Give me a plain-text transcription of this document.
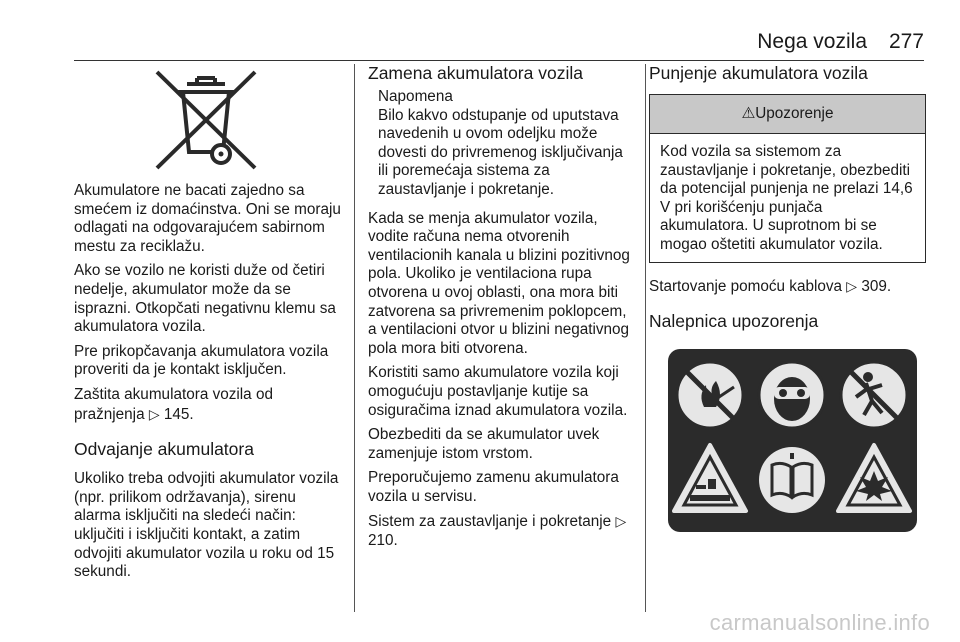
Nega vozila 277

Akumulatore ne bacati zajedno sa smećem iz domaćinstva. Oni se moraju odlagati na odgovarajućem sabirnom mestu za reciklažu.

Ako se vozilo ne koristi duže od četiri nedelje, akumulator može da se isprazni. Otkopčati negativnu klemu sa akumulatora vozila.

Pre prikopčavanja akumulatora vozila proveriti da je kontakt isključen.

Zaštita akumulatora vozila od pražnjenja ▷ 145.

Odvajanje akumulatora

Ukoliko treba odvojiti akumulator vozila (npr. prilikom održavanja), sirenu alarma isključiti na sledeći način: uključiti i isključiti kontakt, a zatim odvojiti akumulator vozila u roku od 15 sekundi.

Zamena akumulatora vozila
Napomena

Bilo kakvo odstupanje od uputstava navedenih u ovom odeljku može dovesti do privremenog isključivanja ili poremećaja sistema za zaustavljanje i pokretanje.

Kada se menja akumulator vozila, vodite računa nema otvorenih ventilacionih kanala u blizini pozitivnog pola. Ukoliko je ventilaciona rupa otvorena u ovoj oblasti, ona mora biti zatvorena sa privremenim poklopcem, a ventilacioni otvor u blizini negativnog pola mora biti otvorena.

Koristiti samo akumulatore vozila koji omogućuju postavljanje kutije sa osiguračima iznad akumulatora vozila.

Obezbediti da se akumulator uvek zamenjuje istom vrstom.

Preporučujemo zamenu akumulatora vozila u servisu.

Sistem za zaustavljanje i pokretanje ▷ 210.

Punjenje akumulatora vozila
⚠Upozorenje

Kod vozila sa sistemom za zaustavljanje i pokretanje, obezbediti da potencijal punjenja ne prelazi 14,6 V pri korišćenju punjača akumulatora. U suprotnom bi se mogao oštetiti akumulator vozila.

Startovanje pomoću kablova ▷ 309.

Nalepnica upozorenja
carmanualsonline.info
